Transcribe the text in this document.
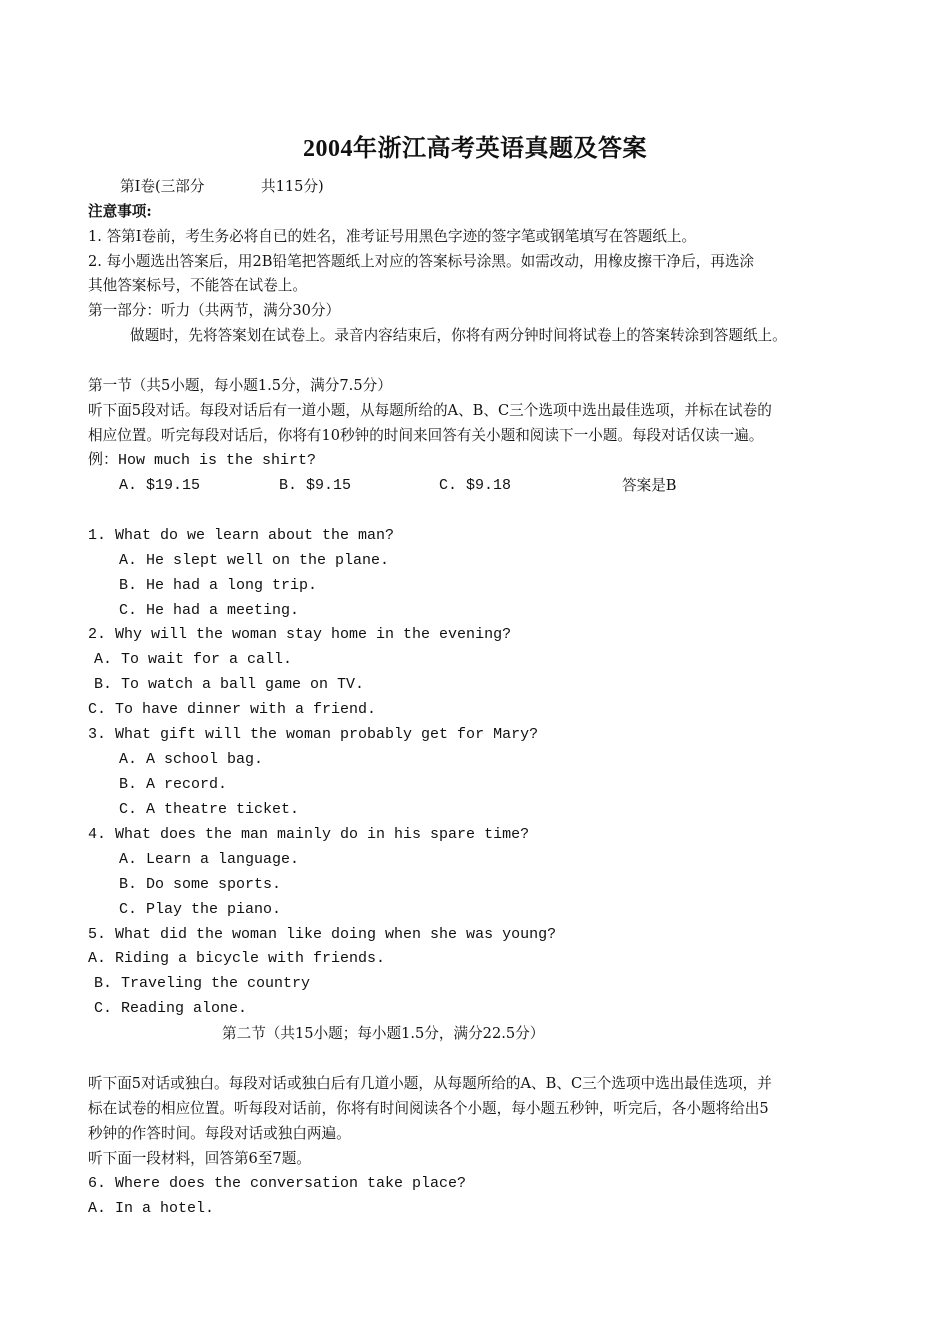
2004年浙江高考英语真题及答案
第I卷(三部分	共115分)
注意事项:
1. 答第I卷前，考生务必将自已的姓名，准考证号用黑色字迹的签字笔或钢笔填写在答题纸上。
2. 每小题选出答案后，用2B铅笔把答题纸上对应的答案标号涂黑。如需改动，用橡皮擦干净后，再选涂
其他答案标号，不能答在试卷上。
第一部分：听力（共两节，满分30分）
做题时，先将答案划在试卷上。录音内容结束后，你将有两分钟时间将试卷上的答案转涂到答题纸上。
第一节（共5小题，每小题1.5分，满分7.5分）
听下面5段对话。每段对话后有一道小题，从每题所给的A、B、C三个选项中选出最佳选项，并标在试卷的
相应位置。听完每段对话后，你将有10秒钟的时间来回答有关小题和阅读下一小题。每段对话仅读一遍。
例：How much is the shirt?
A. $19.15	B. $9.15	C. $9.18	答案是B
1. What do we learn about the man?
A. He slept well on the plane.
B. He had a long trip.
C. He had a meeting.
2. Why will the woman stay home in the evening?
A. To wait for a call.
B. To watch a ball game on TV.
C. To have dinner with a friend.
3. What gift will the woman probably get for Mary?
A. A school bag.
B. A record.
C. A theatre ticket.
4. What does the man mainly do in his spare time?
A. Learn a language.
B. Do some sports.
C. Play the piano.
5. What did the woman like doing when she was young?
A. Riding a bicycle with friends.
B. Traveling the country
C. Reading alone.
第二节（共15小题；每小题1.5分，满分22.5分）
听下面5对话或独白。每段对话或独白后有几道小题，从每题所给的A、B、C三个选项中选出最佳选项，并
标在试卷的相应位置。听每段对话前，你将有时间阅读各个小题，每小题五秒钟，听完后，各小题将给出5
秒钟的作答时间。每段对话或独白两遍。
听下面一段材料，回答第6至7题。
6. Where does the conversation take place?
A. In a hotel.
